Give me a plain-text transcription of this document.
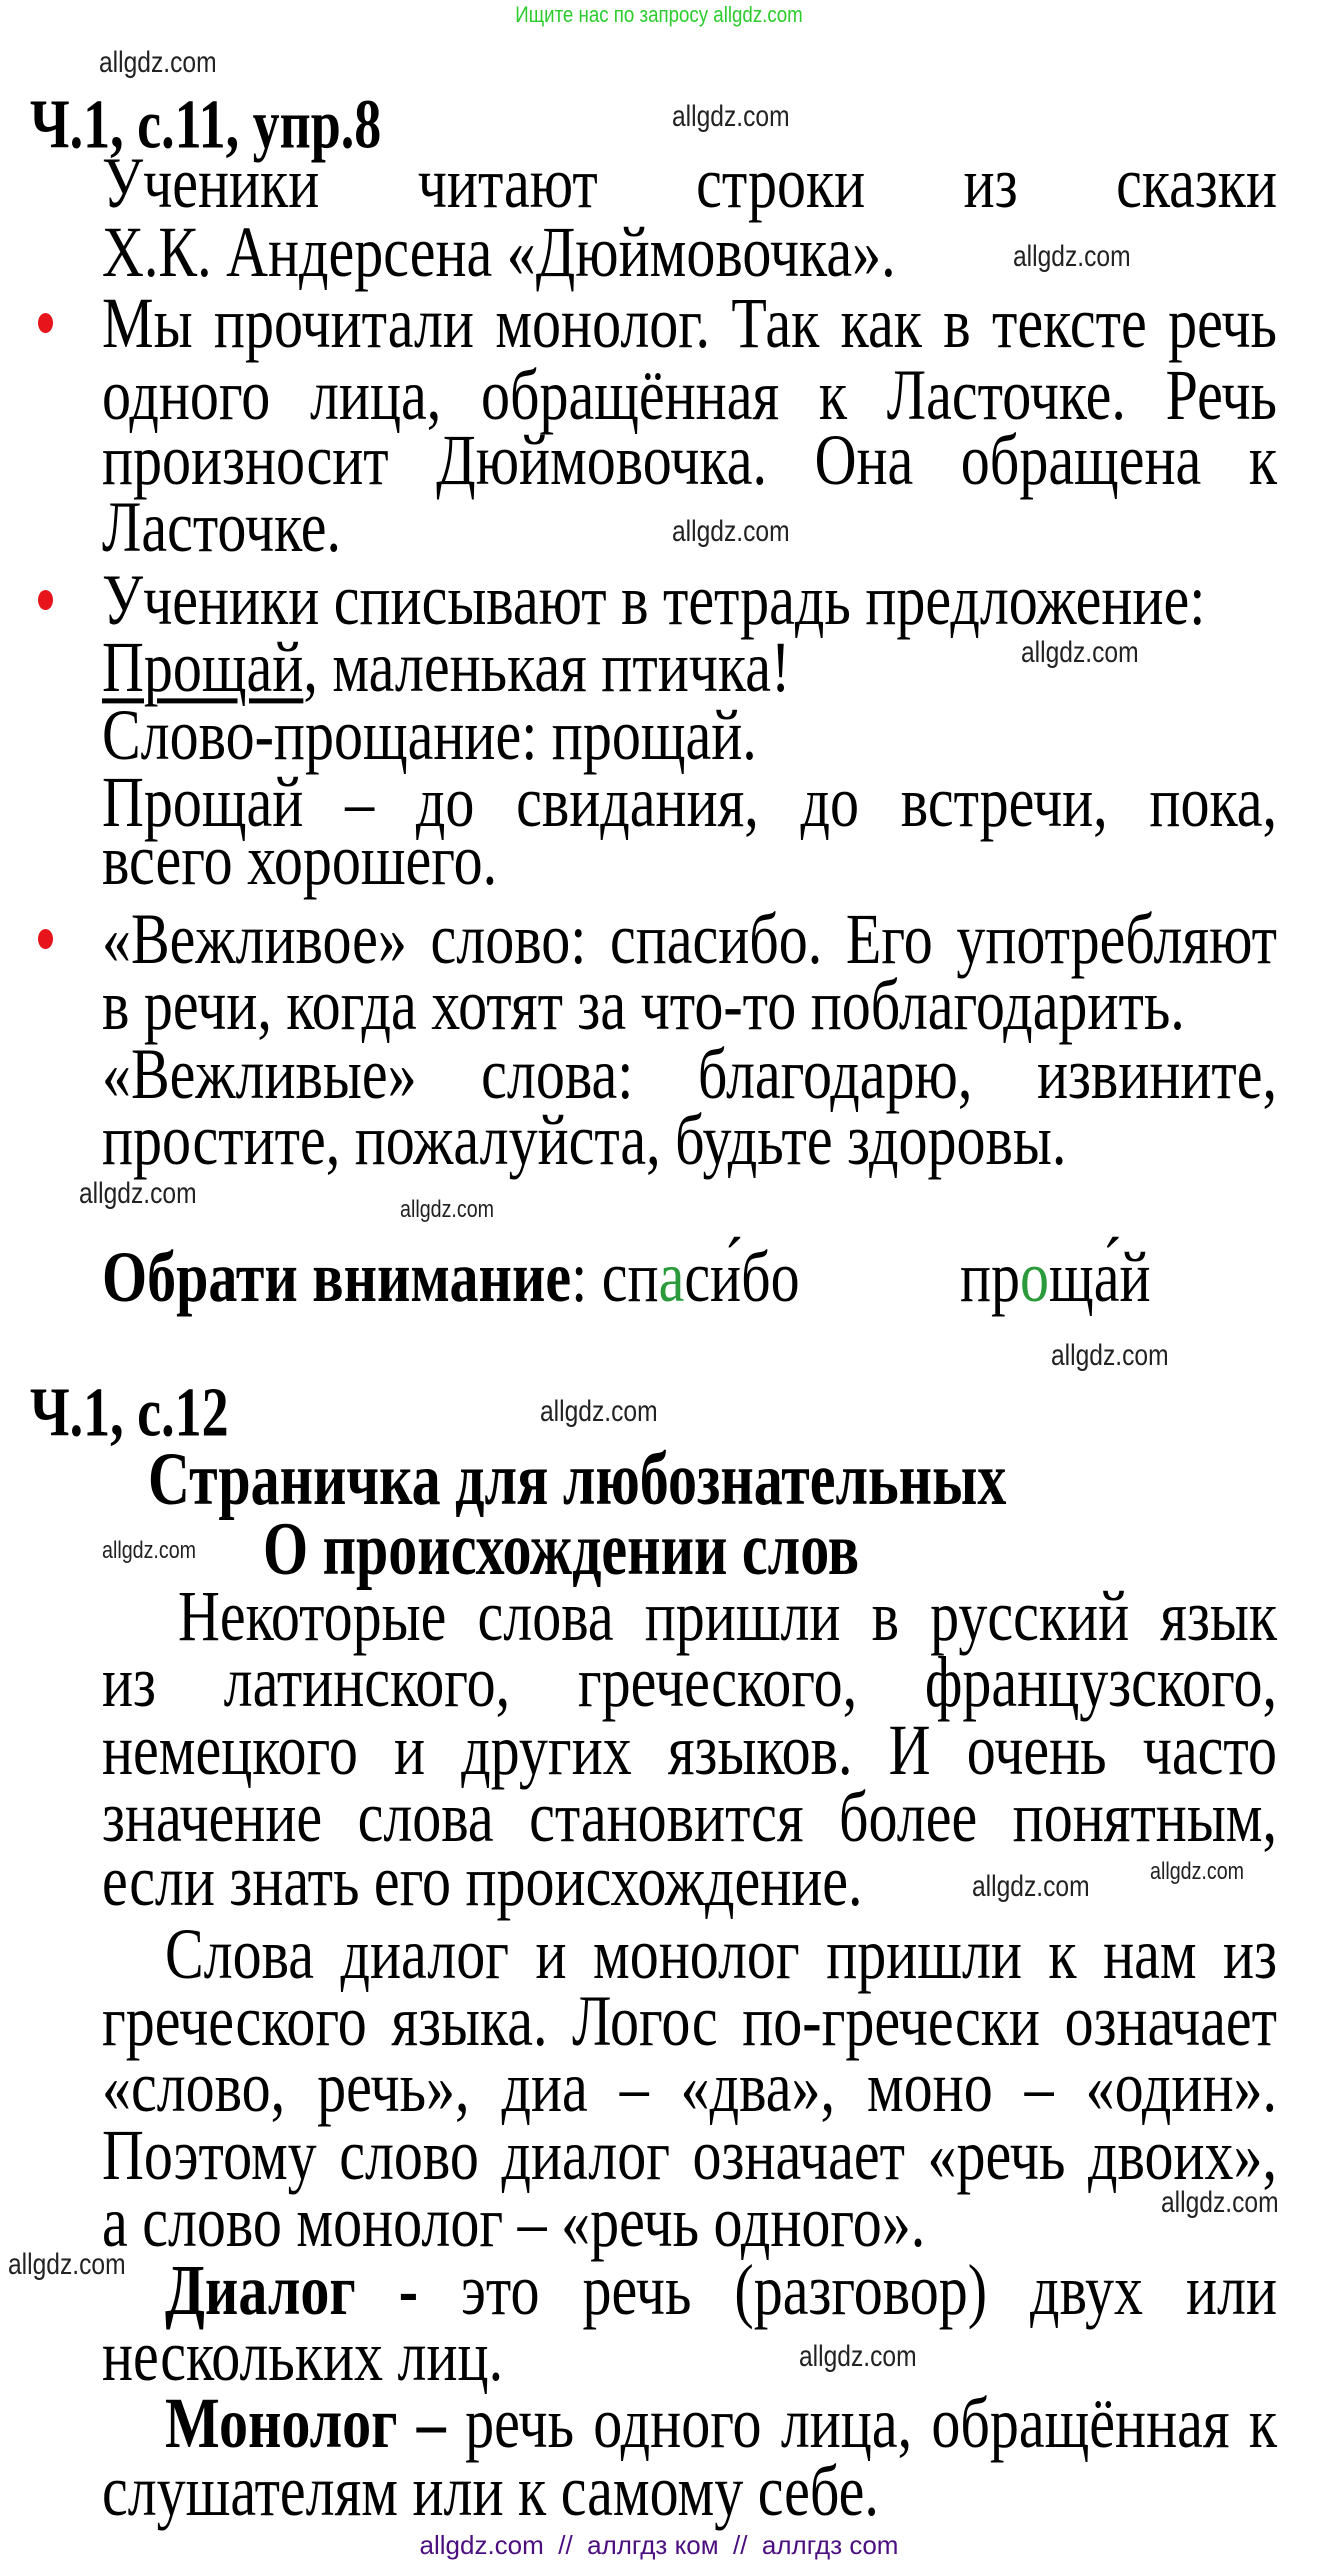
Ищите нас по запросу allgdz.com
allgdz.com
allgdz.com
allgdz.com
allgdz.com
allgdz.com
allgdz.com
allgdz.com
allgdz.com
allgdz.com
allgdz.com
allgdz.com
allgdz.com
allgdz.com
allgdz.com
allgdz.com
Ч.1, с.11, упр.8
Ученики читают строки из сказки
Х.К. Андерсена «Дюймовочка».
Мы прочитали монолог. Так как в тексте речь
одного лица, обращённая к Ласточке. Речь
произносит Дюймовочка. Она обращена к
Ласточке.
Ученики списывают в тетрадь предложение:
Прощай, маленькая птичка!
Слово-прощание: прощай.
Прощай – до свидания, до встречи, пока,
всего хорошего.
«Вежливое» слово: спасибо. Его употребляют
в речи, когда хотят за что-то поблагодарить.
«Вежливые» слова: благодарю, извините,
простите, пожалуйста, будьте здоровы.
Обрати внимание: спаси́бо	проща́й
Ч.1, с.12
Страничка для любознательных
О происхождении слов
Некоторые слова пришли в русский язык
из латинского, греческого, французского,
немецкого и других языков. И очень часто
значение слова становится более понятным,
если знать его происхождение.
Слова диалог и монолог пришли к нам из
греческого языка. Логос по-гречески означает
«слово, речь», диа – «два», моно – «один».
Поэтому слово диалог означает «речь двоих»,
а слово монолог – «речь одного».
Диалог - это речь (разговор) двух или
нескольких лиц.
Монолог – речь одного лица, обращённая к
слушателям или к самому себе.
allgdz.com  //  аллгдз ком  //  аллгдз com
